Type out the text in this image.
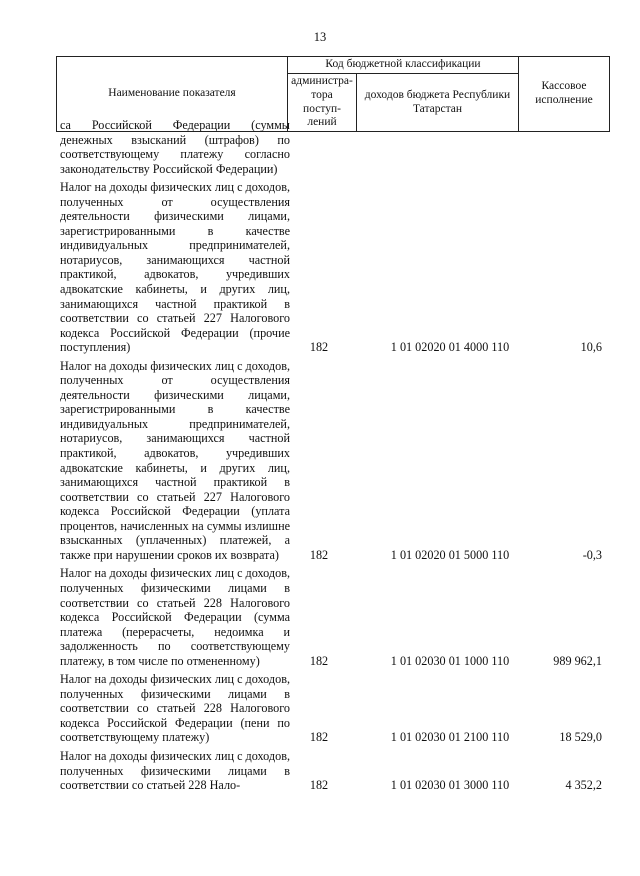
13
Наименование показателя	Код бюджетной классификации		Кассовое исполнение
	администра-тора поступ-лений	доходов бюджета Республики Татарстан	
са Российской Федерации (суммы денежных взысканий (штрафов) по соответствующему платежу согласно законодательству Российской Федерации)
Налог на доходы физических лиц с доходов, полученных от осуществления деятельности физическими лицами, зарегистрированными в качестве индивидуальных предпринимателей, нотариусов, занимающихся частной практикой, адвокатов, учредивших адвокатские кабинеты, и других лиц, занимающихся частной практикой в соответствии со статьей 227 Налогового кодекса Российской Федерации (прочие поступления)	182	1 01 02020 01 4000 110	10,6
Налог на доходы физических лиц с доходов, полученных от осуществления деятельности физическими лицами, зарегистрированными в качестве индивидуальных предпринимателей, нотариусов, занимающихся частной практикой, адвокатов, учредивших адвокатские кабинеты, и других лиц, занимающихся частной практикой в соответствии со статьей 227 Налогового кодекса Российской Федерации (уплата процентов, начисленных на суммы излишне взысканных (уплаченных) платежей, а также при нарушении сроков их возврата)	182	1 01 02020 01 5000 110	-0,3
Налог на доходы физических лиц с доходов, полученных физическими лицами в соответствии со статьей 228 Налогового кодекса Российской Федерации (сумма платежа (перерасчеты, недоимка и задолженность по соответствующему платежу, в том числе по отмененному)	182	1 01 02030 01 1000 110	989 962,1
Налог на доходы физических лиц с доходов, полученных физическими лицами в соответствии со статьей 228 Налогового кодекса Российской Федерации (пени по соответствующему платежу)	182	1 01 02030 01 2100 110	18 529,0
Налог на доходы физических лиц с доходов, полученных физическими лицами в соответствии со статьей 228 Нало-	182	1 01 02030 01 3000 110	4 352,2
